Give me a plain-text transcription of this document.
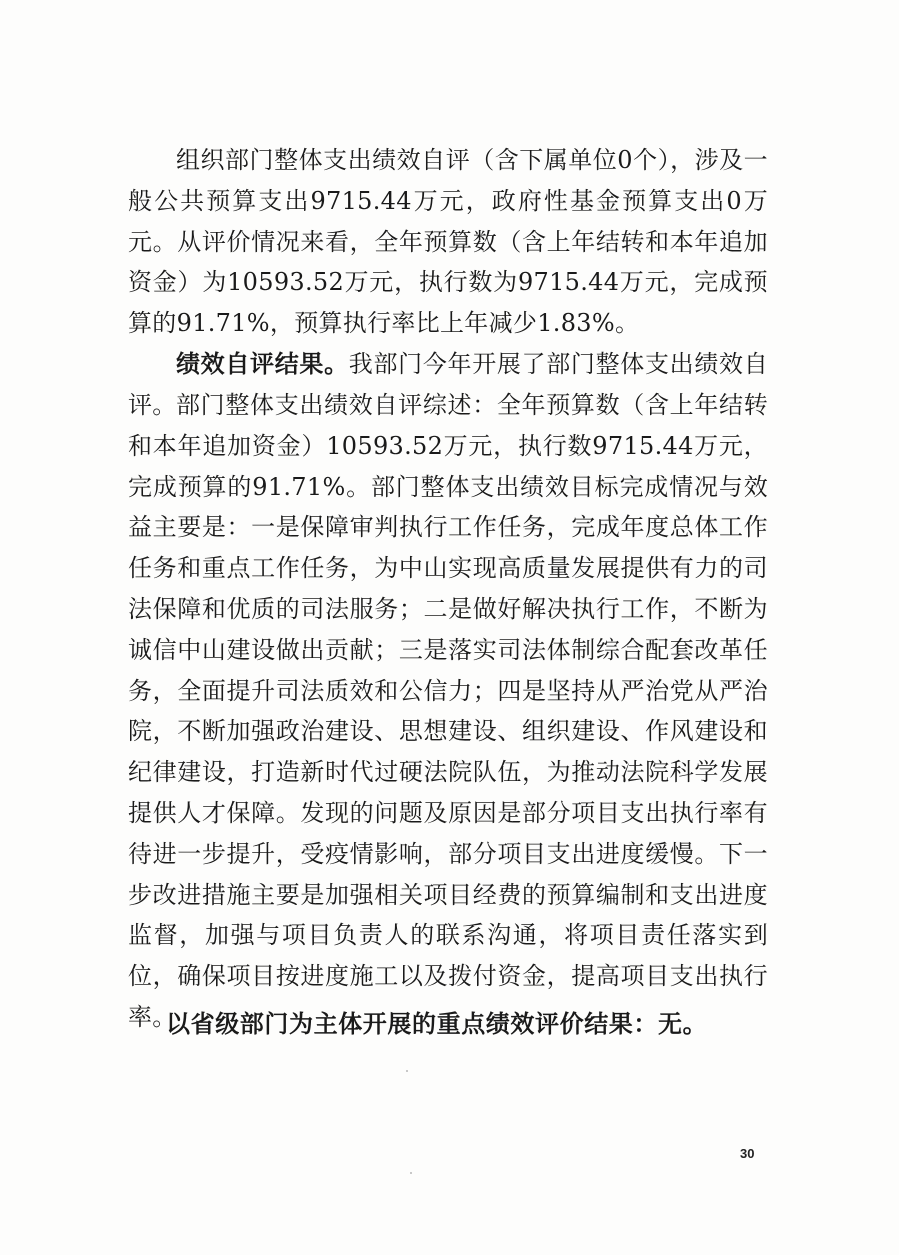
组织部门整体支出绩效自评（含下属单位0个），涉及一般公共预算支出9715.44万元，政府性基金预算支出0万元。从评价情况来看，全年预算数（含上年结转和本年追加资金）为10593.52万元，执行数为9715.44万元，完成预算的91.71%，预算执行率比上年减少1.83%。

绩效自评结果。我部门今年开展了部门整体支出绩效自评。 部门整体支出绩效自评综述：全年预算数（含上年结转和本年追加资金）10593.52万元，执行数9715.44万元，完成预算的91.71%。部门整体支出绩效目标完成情况与效益主要是：一是保障审判执行工作任务，完成年度总体工作任务和重点工作任务，为中山实现高质量发展提供有力的司法保障和优质的司法服务；二是做好解决执行工作，不断为诚信中山建设做出贡献；三是落实司法体制综合配套改革任务，全面提升司法质效和公信力；四是坚持从严治党从严治院，不断加强政治建设、思想建设、组织建设、作风建设和纪律建设，打造新时代过硬法院队伍，为推动法院科学发展提供人才保障。发现的问题及原因是部分项目支出执行率有待进一步提升，受疫情影响，部分项目支出进度缓慢。下一步改进措施主要是加强相关项目经费的预算编制和支出进度监督，加强与项目负责人的联系沟通，将项目责任落实到位，确保项目按进度施工以及拨付资金，提高项目支出执行率。

以省级部门为主体开展的重点绩效评价结果：无。

30
